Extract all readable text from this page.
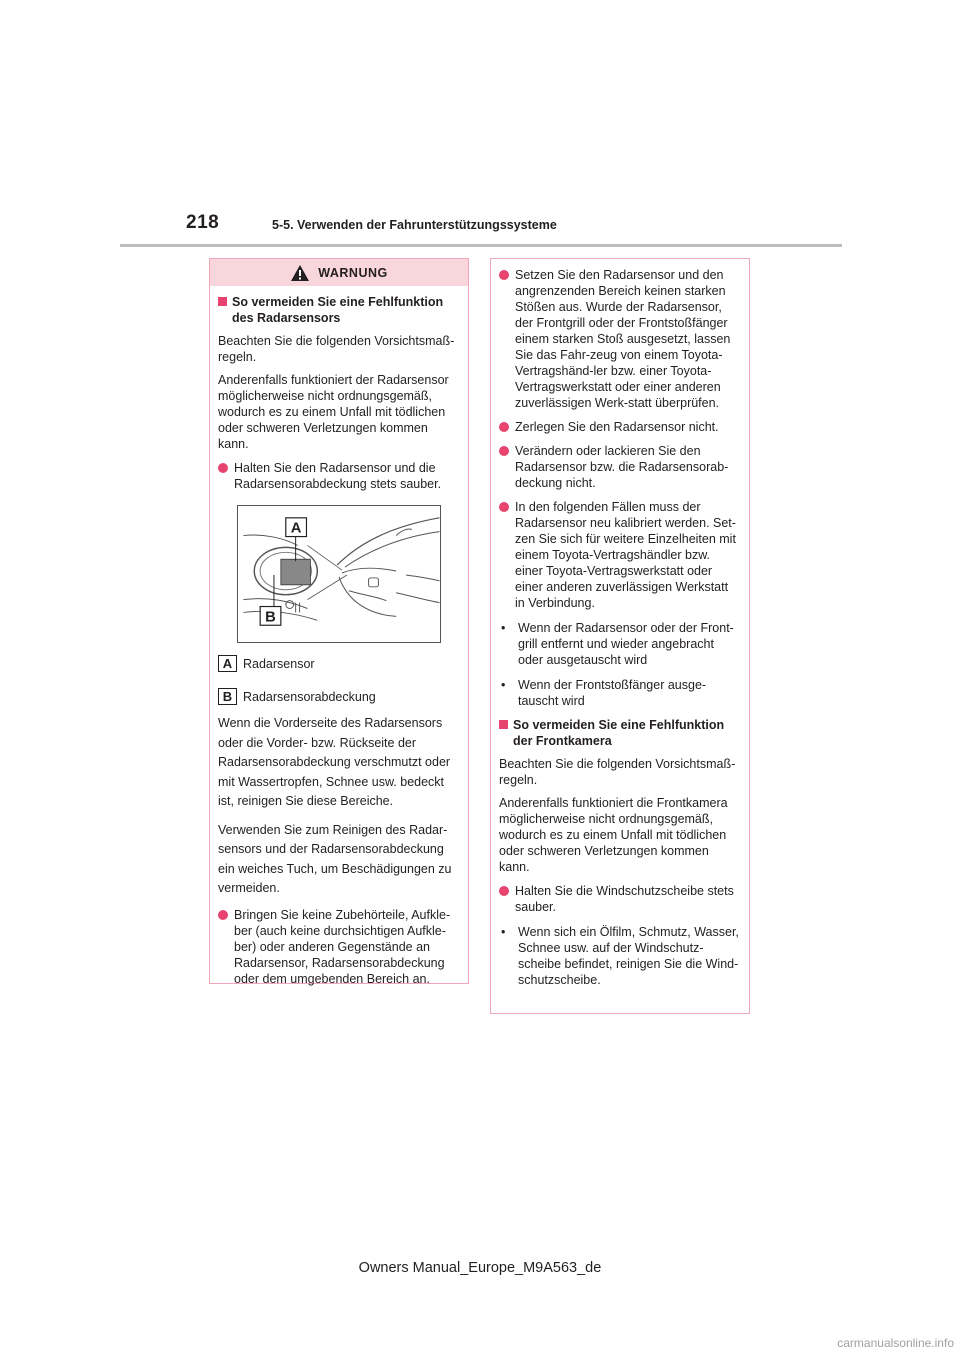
218	5-5. Verwenden der Fahrunterstützungssysteme
WARNUNG
So vermeiden Sie eine Fehlfunktion des Radarsensors

Beachten Sie die folgenden Vorsichtsmaß-regeln.

Anderenfalls funktioniert der Radarsensor möglicherweise nicht ordnungsgemäß, wodurch es zu einem Unfall mit tödlichen oder schweren Verletzungen kommen kann.

Halten Sie den Radarsensor und die Radarsensorabdeckung stets sauber.
A
B
A Radarsensor
B Radarsensorabdeckung

Wenn die Vorderseite des Radarsensors oder die Vorder- bzw. Rückseite der Radarsensorabdeckung verschmutzt oder mit Wassertropfen, Schnee usw. bedeckt ist, reinigen Sie diese Bereiche.

Verwenden Sie zum Reinigen des Radar-sensors und der Radarsensorabdeckung ein weiches Tuch, um Beschädigungen zu vermeiden.

Bringen Sie keine Zubehörteile, Aufkle-ber (auch keine durchsichtigen Aufkle-ber) oder anderen Gegenstände an Radarsensor, Radarsensorabdeckung oder dem umgebenden Bereich an.
Setzen Sie den Radarsensor und den angrenzenden Bereich keinen starken Stößen aus. Wurde der Radarsensor, der Frontgrill oder der Frontstoßfänger einem starken Stoß ausgesetzt, lassen Sie das Fahr-zeug von einem Toyota-Vertragshänd-ler bzw. einer Toyota-Vertragswerkstatt oder einer anderen zuverlässigen Werk-statt überprüfen.
Zerlegen Sie den Radarsensor nicht.
Verändern oder lackieren Sie den Radarsensor bzw. die Radarsensorab-deckung nicht.
In den folgenden Fällen muss der Radarsensor neu kalibriert werden. Set-zen Sie sich für weitere Einzelheiten mit einem Toyota-Vertragshändler bzw. einer Toyota-Vertragswerkstatt oder einer anderen zuverlässigen Werkstatt in Verbindung.
•	Wenn der Radarsensor oder der Front-grill entfernt und wieder angebracht oder ausgetauscht wird
•	Wenn der Frontstoßfänger ausge-tauscht wird
So vermeiden Sie eine Fehlfunktion der Frontkamera

Beachten Sie die folgenden Vorsichtsmaß-regeln.

Anderenfalls funktioniert die Frontkamera möglicherweise nicht ordnungsgemäß, wodurch es zu einem Unfall mit tödlichen oder schweren Verletzungen kommen kann.

Halten Sie die Windschutzscheibe stets sauber.
•	Wenn sich ein Ölfilm, Schmutz, Wasser, Schnee usw. auf der Windschutz-scheibe befindet, reinigen Sie die Wind-schutzscheibe.
Owners Manual_Europe_M9A563_de
carmanualsonline.info
